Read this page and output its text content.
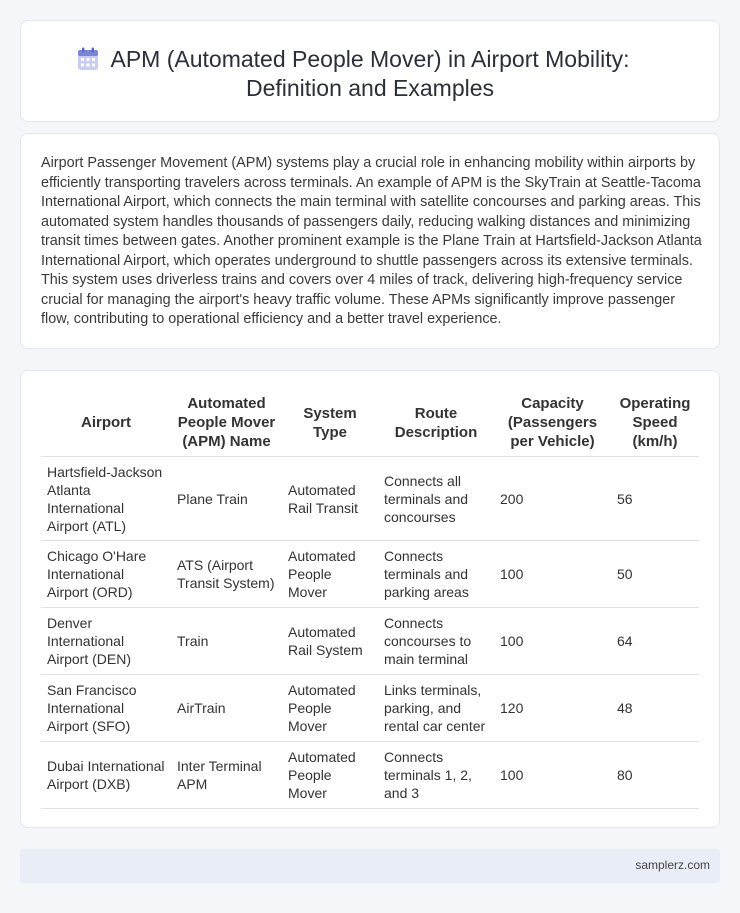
APM (Automated People Mover) in Airport Mobility:
Definition and Examples

Airport Passenger Movement (APM) systems play a crucial role in enhancing mobility within airports by efficiently transporting travelers across terminals. An example of APM is the SkyTrain at Seattle-Tacoma International Airport, which connects the main terminal with satellite concourses and parking areas. This automated system handles thousands of passengers daily, reducing walking distances and minimizing transit times between gates. Another prominent example is the Plane Train at Hartsfield-Jackson Atlanta International Airport, which operates underground to shuttle passengers across its extensive terminals. This system uses driverless trains and covers over 4 miles of track, delivering high-frequency service crucial for managing the airport's heavy traffic volume. These APMs significantly improve passenger flow, contributing to operational efficiency and a better travel experience.

Airport	Automated People Mover (APM) Name	System Type	Route Description	Capacity (Passengers per Vehicle)	Operating Speed (km/h)
Hartsfield-Jackson Atlanta International Airport (ATL)	Plane Train	Automated Rail Transit	Connects all terminals and concourses	200	56
Chicago O'Hare International Airport (ORD)	ATS (Airport Transit System)	Automated People Mover	Connects terminals and parking areas	100	50
Denver International Airport (DEN)	Train	Automated Rail System	Connects concourses to main terminal	100	64
San Francisco International Airport (SFO)	AirTrain	Automated People Mover	Links terminals, parking, and rental car center	120	48
Dubai International Airport (DXB)	Inter Terminal APM	Automated People Mover	Connects terminals 1, 2, and 3	100	80
samplerz.com
